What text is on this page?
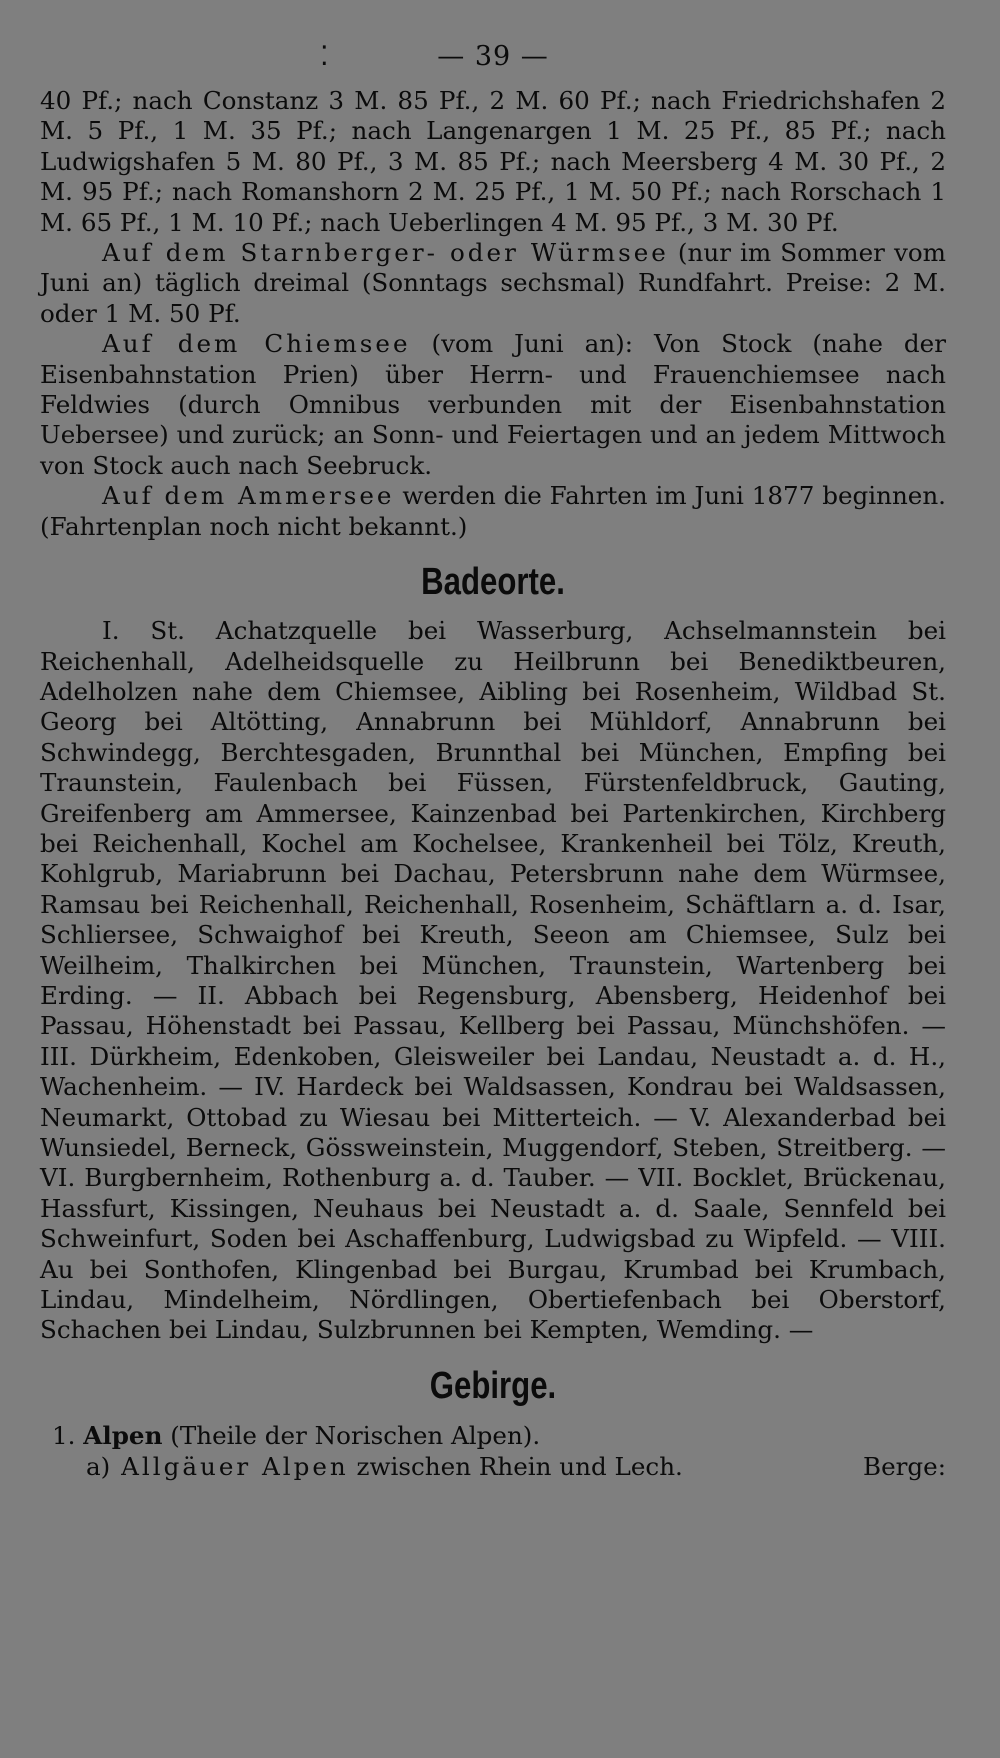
⁚	— 39 —

40 Pf.; nach Constanz 3 M. 85 Pf., 2 M. 60 Pf.; nach Friedrichshafen 2 M. 5 Pf., 1 M. 35 Pf.; nach Langenargen 1 M. 25 Pf., 85 Pf.; nach Ludwigshafen 5 M. 80 Pf., 3 M. 85 Pf.; nach Meersberg 4 M. 30 Pf., 2 M. 95 Pf.; nach Romanshorn 2 M. 25 Pf., 1 M. 50 Pf.; nach Rorschach 1 M. 65 Pf., 1 M. 10 Pf.; nach Ueberlingen 4 M. 95 Pf., 3 M. 30 Pf.

Auf dem Starnberger- oder Würmsee (nur im Sommer vom Juni an) täglich dreimal (Sonntags sechsmal) Rundfahrt. Preise: 2 M. oder 1 M. 50 Pf.

Auf dem Chiemsee (vom Juni an): Von Stock (nahe der Eisenbahnstation Prien) über Herrn- und Frauenchiemsee nach Feldwies (durch Omnibus verbunden mit der Eisenbahnstation Uebersee) und zurück; an Sonn- und Feiertagen und an jedem Mittwoch von Stock auch nach Seebruck.

Auf dem Ammersee werden die Fahrten im Juni 1877 beginnen. (Fahrtenplan noch nicht bekannt.)

Badeorte.

I. St. Achatzquelle bei Wasserburg, Achselmannstein bei Reichenhall, Adelheidsquelle zu Heilbrunn bei Benediktbeuren, Adelholzen nahe dem Chiemsee, Aibling bei Rosenheim, Wildbad St. Georg bei Altötting, Annabrunn bei Mühldorf, Annabrunn bei Schwindegg, Berchtesgaden, Brunnthal bei München, Empfing bei Traunstein, Faulenbach bei Füssen, Fürstenfeldbruck, Gauting, Greifenberg am Ammersee, Kainzenbad bei Partenkirchen, Kirchberg bei Reichenhall, Kochel am Kochelsee, Krankenheil bei Tölz, Kreuth, Kohlgrub, Mariabrunn bei Dachau, Petersbrunn nahe dem Würmsee, Ramsau bei Reichenhall, Reichenhall, Rosenheim, Schäftlarn a. d. Isar, Schliersee, Schwaighof bei Kreuth, Seeon am Chiemsee, Sulz bei Weilheim, Thalkirchen bei München, Traunstein, Wartenberg bei Erding. — II. Abbach bei Regensburg, Abensberg, Heidenhof bei Passau, Höhenstadt bei Passau, Kellberg bei Passau, Münchshöfen. — III. Dürkheim, Edenkoben, Gleisweiler bei Landau, Neustadt a. d. H., Wachenheim. — IV. Hardeck bei Waldsassen, Kondrau bei Waldsassen, Neumarkt, Ottobad zu Wiesau bei Mitterteich. — V. Alexanderbad bei Wunsiedel, Berneck, Gössweinstein, Muggendorf, Steben, Streitberg. — VI. Burgbernheim, Rothenburg a. d. Tauber. — VII. Bocklet, Brückenau, Hassfurt, Kissingen, Neuhaus bei Neustadt a. d. Saale, Sennfeld bei Schweinfurt, Soden bei Aschaffenburg, Ludwigsbad zu Wipfeld. — VIII. Au bei Sonthofen, Klingenbad bei Burgau, Krumbad bei Krumbach, Lindau, Mindelheim, Nördlingen, Obertiefenbach bei Oberstorf, Schachen bei Lindau, Sulzbrunnen bei Kempten, Wemding. —

Gebirge.
1. Alpen (Theile der Norischen Alpen).
a) Allgäuer Alpen zwischen Rhein und Lech.	Berge:
